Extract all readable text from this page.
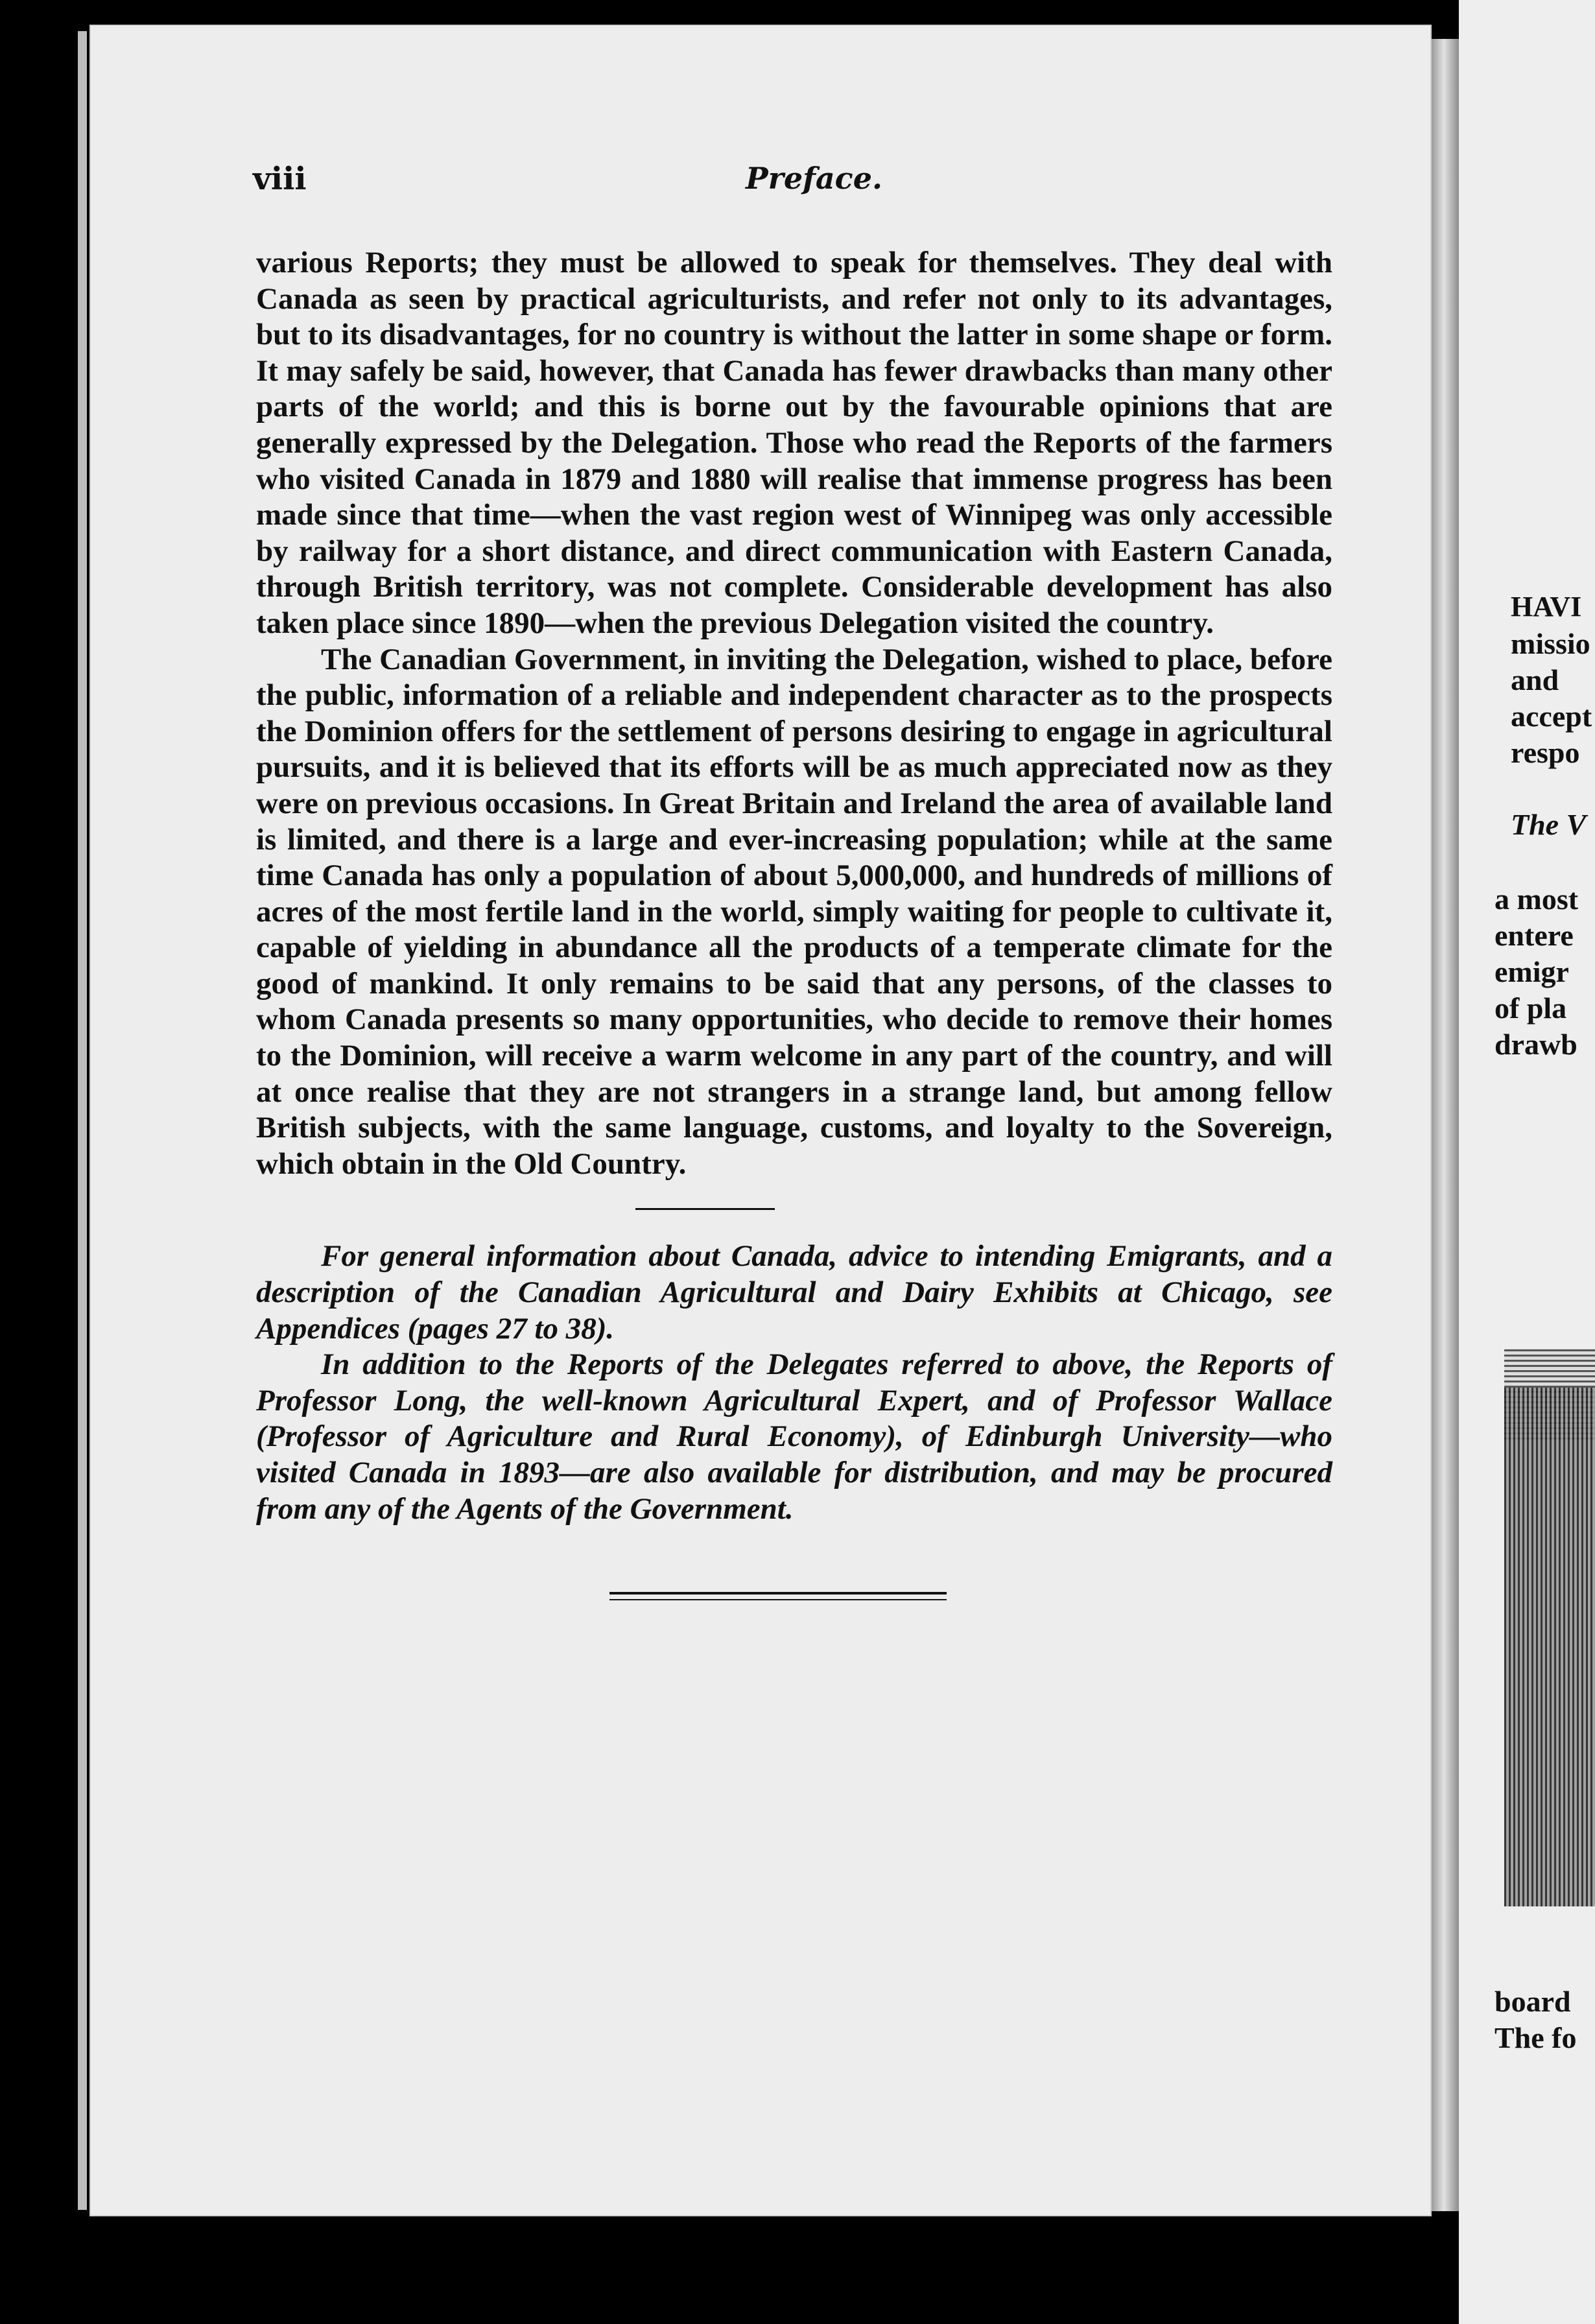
viii	Preface.

various Reports; they must be allowed to speak for themselves. They deal with Canada as seen by practical agriculturists, and refer not only to its advantages, but to its disadvantages, for no country is without the latter in some shape or form. It may safely be said, however, that Canada has fewer drawbacks than many other parts of the world; and this is borne out by the favourable opinions that are generally expressed by the Delegation. Those who read the Reports of the farmers who visited Canada in 1879 and 1880 will realise that immense progress has been made since that time—when the vast region west of Winnipeg was only accessible by railway for a short distance, and direct communication with Eastern Canada, through British territory, was not complete. Considerable development has also taken place since 1890—when the previous Delegation visited the country.

The Canadian Government, in inviting the Delegation, wished to place, before the public, information of a reliable and independent character as to the prospects the Dominion offers for the settlement of persons desiring to engage in agricultural pursuits, and it is believed that its efforts will be as much appreciated now as they were on previous occasions. In Great Britain and Ireland the area of available land is limited, and there is a large and ever-increasing population; while at the same time Canada has only a population of about 5,000,000, and hundreds of millions of acres of the most fertile land in the world, simply waiting for people to cultivate it, capable of yielding in abundance all the products of a temperate climate for the good of mankind. It only remains to be said that any persons, of the classes to whom Canada presents so many opportunities, who decide to remove their homes to the Dominion, will receive a warm welcome in any part of the country, and will at once realise that they are not strangers in a strange land, but among fellow British subjects, with the same language, customs, and loyalty to the Sovereign, which obtain in the Old Country.

For general information about Canada, advice to intending Emigrants, and a description of the Canadian Agricultural and Dairy Exhibits at Chicago, see Appendices (pages 27 to 38).

In addition to the Reports of the Delegates referred to above, the Reports of Professor Long, the well-known Agricultural Expert, and of Professor Wallace (Professor of Agriculture and Rural Economy), of Edinburgh University—who visited Canada in 1893—are also available for distribution, and may be procured from any of the Agents of the Government.

HAVI
missio
and
accept
respo
The V
a most
entere
emigr
of pla
drawb
board
The fo
